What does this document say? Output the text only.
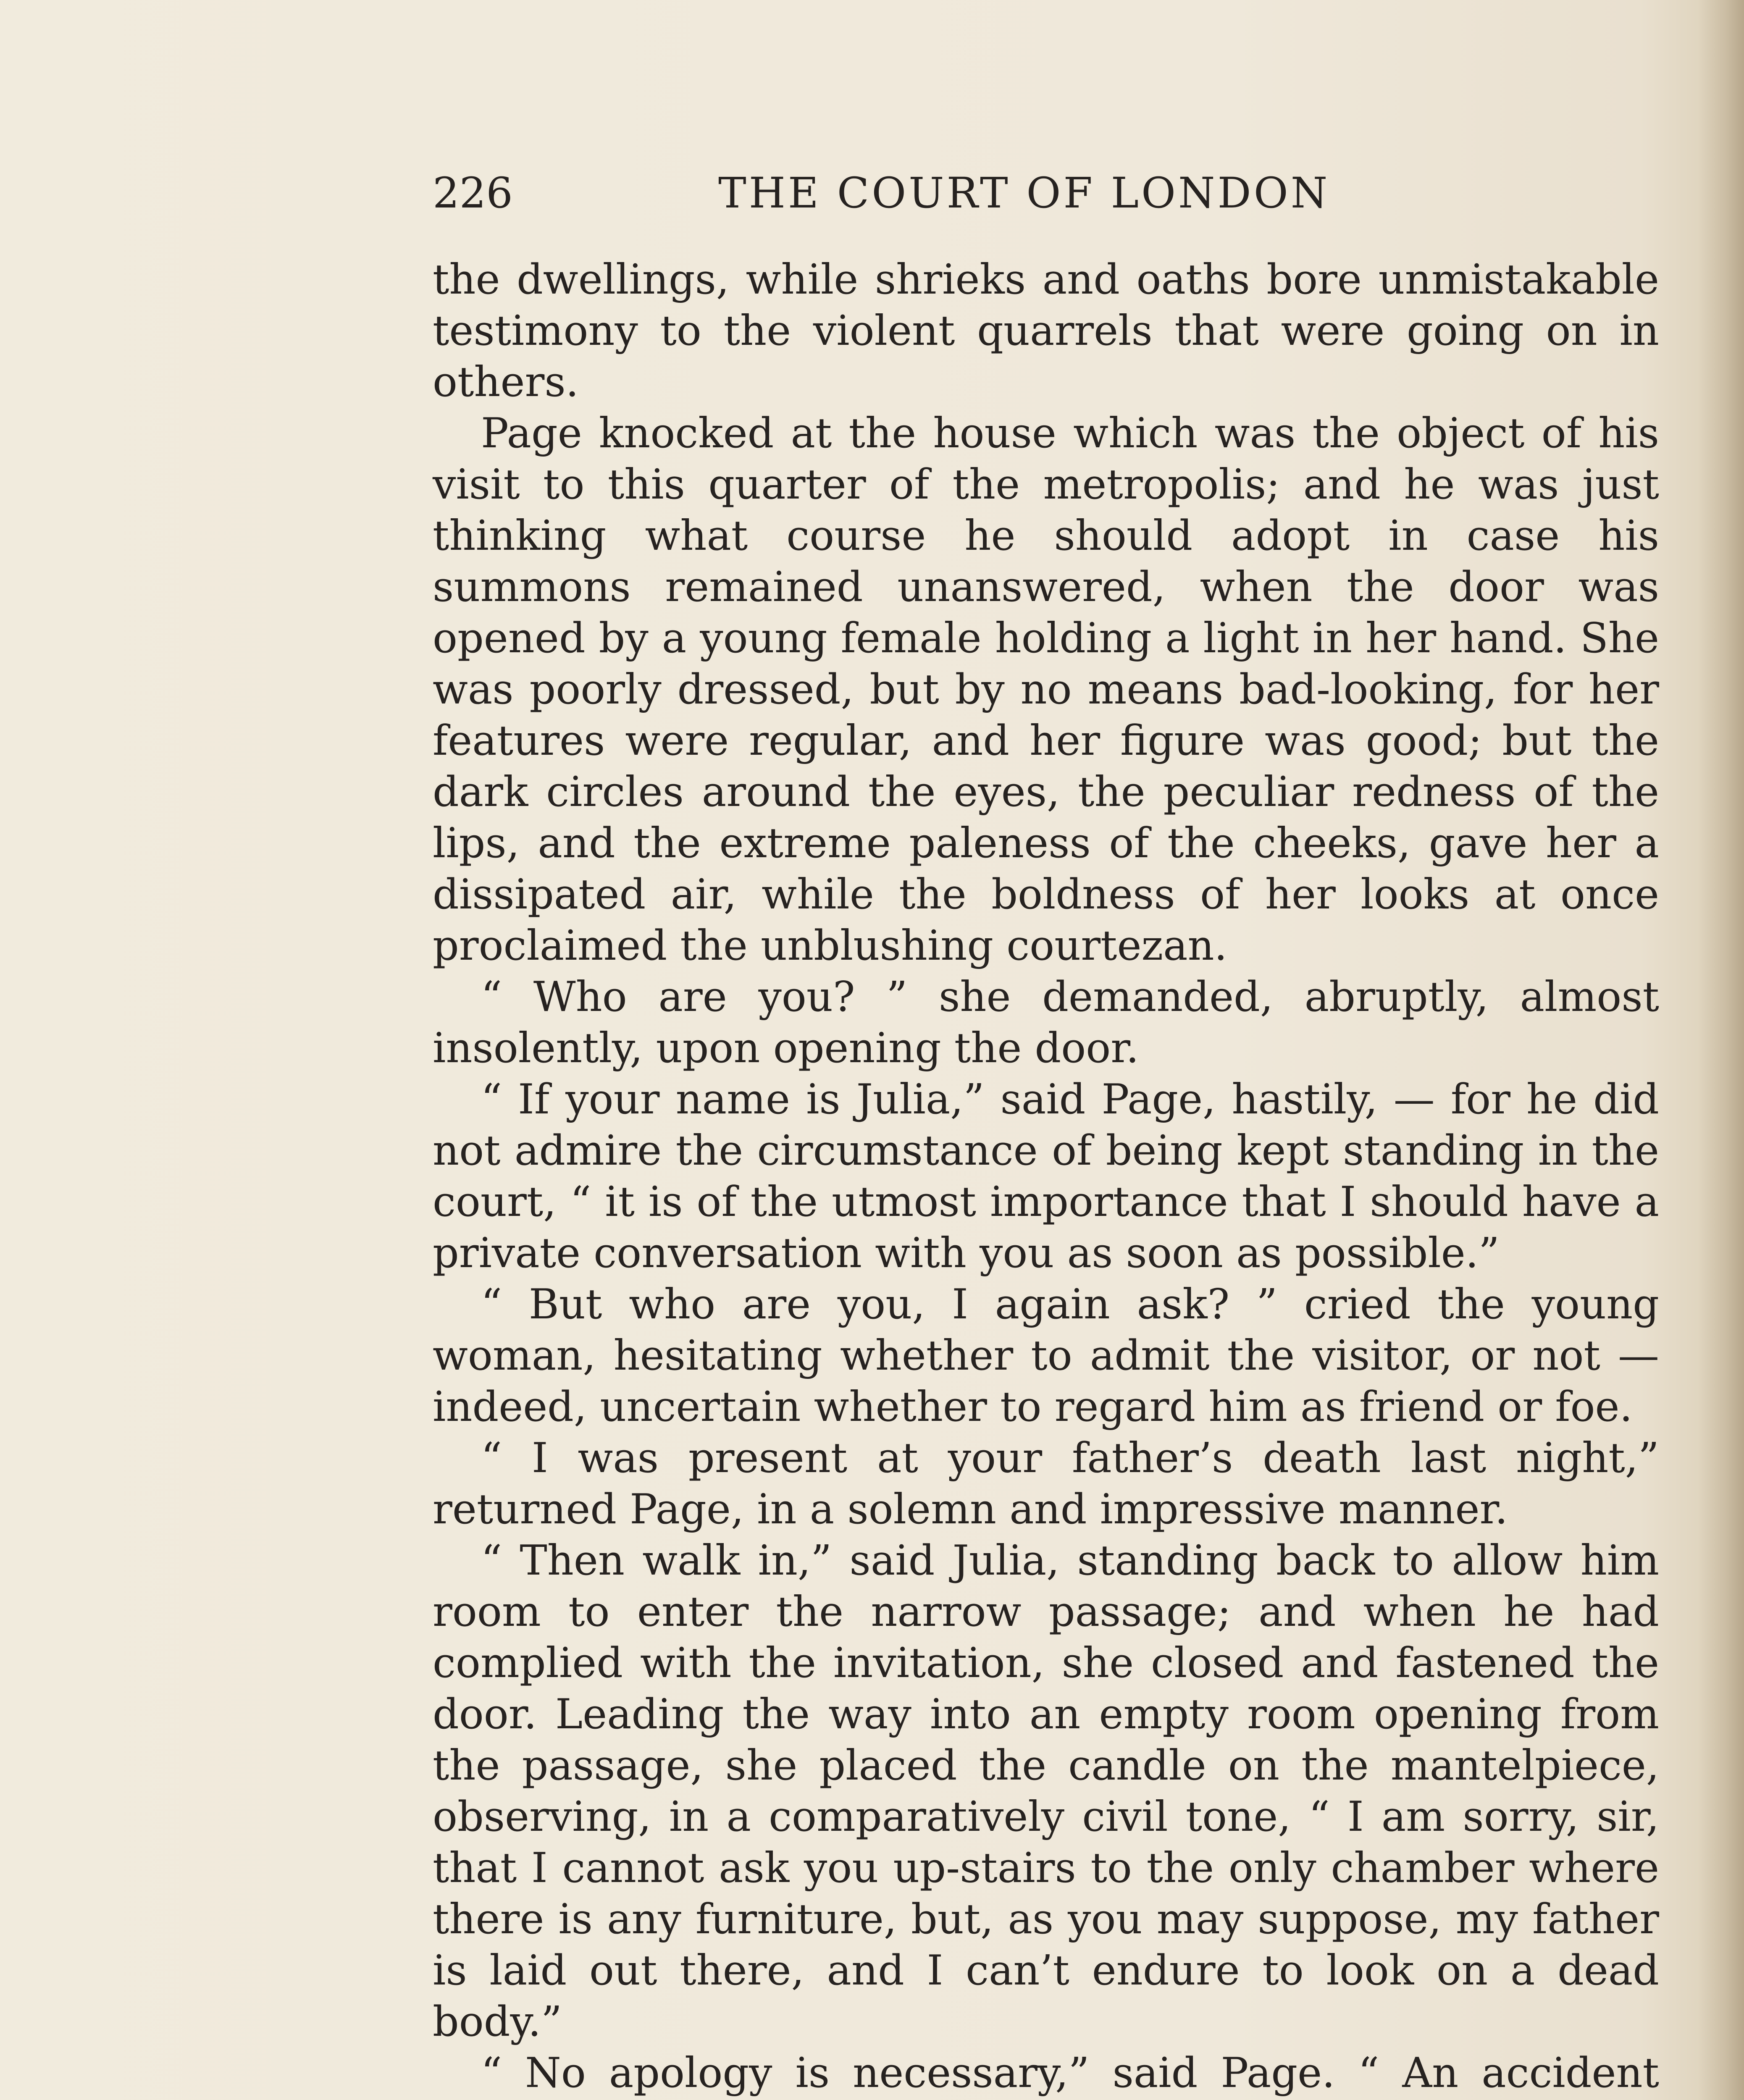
226	THE COURT OF LONDON

the dwellings, while shrieks and oaths bore unmistakable testimony to the violent quarrels that were going on in others.

Page knocked at the house which was the object of his visit to this quarter of the metropolis; and he was just thinking what course he should adopt in case his summons remained unanswered, when the door was opened by a young female holding a light in her hand. She was poorly dressed, but by no means bad-looking, for her features were regular, and her figure was good; but the dark circles around the eyes, the peculiar redness of the lips, and the extreme paleness of the cheeks, gave her a dissipated air, while the boldness of her looks at once proclaimed the unblushing courtezan.

“ Who are you? ” she demanded, abruptly, almost insolently, upon opening the door.

“ If your name is Julia,” said Page, hastily, — for he did not admire the circumstance of being kept standing in the court, “ it is of the utmost importance that I should have a private conversation with you as soon as possible.”

“ But who are you, I again ask? ” cried the young woman, hesitating whether to admit the visitor, or not — indeed, uncertain whether to regard him as friend or foe.

“ I was present at your father’s death last night,” returned Page, in a solemn and impressive manner.

“ Then walk in,” said Julia, standing back to allow him room to enter the narrow passage; and when he had complied with the invitation, she closed and fastened the door. Leading the way into an empty room opening from the passage, she placed the candle on the mantelpiece, observing, in a comparatively civil tone, “ I am sorry, sir, that I cannot ask you up-stairs to the only chamber where there is any furniture, but, as you may suppose, my father is laid out there, and I can’t endure to look on a dead body.”

“ No apology is necessary,” said Page. “ An accident
